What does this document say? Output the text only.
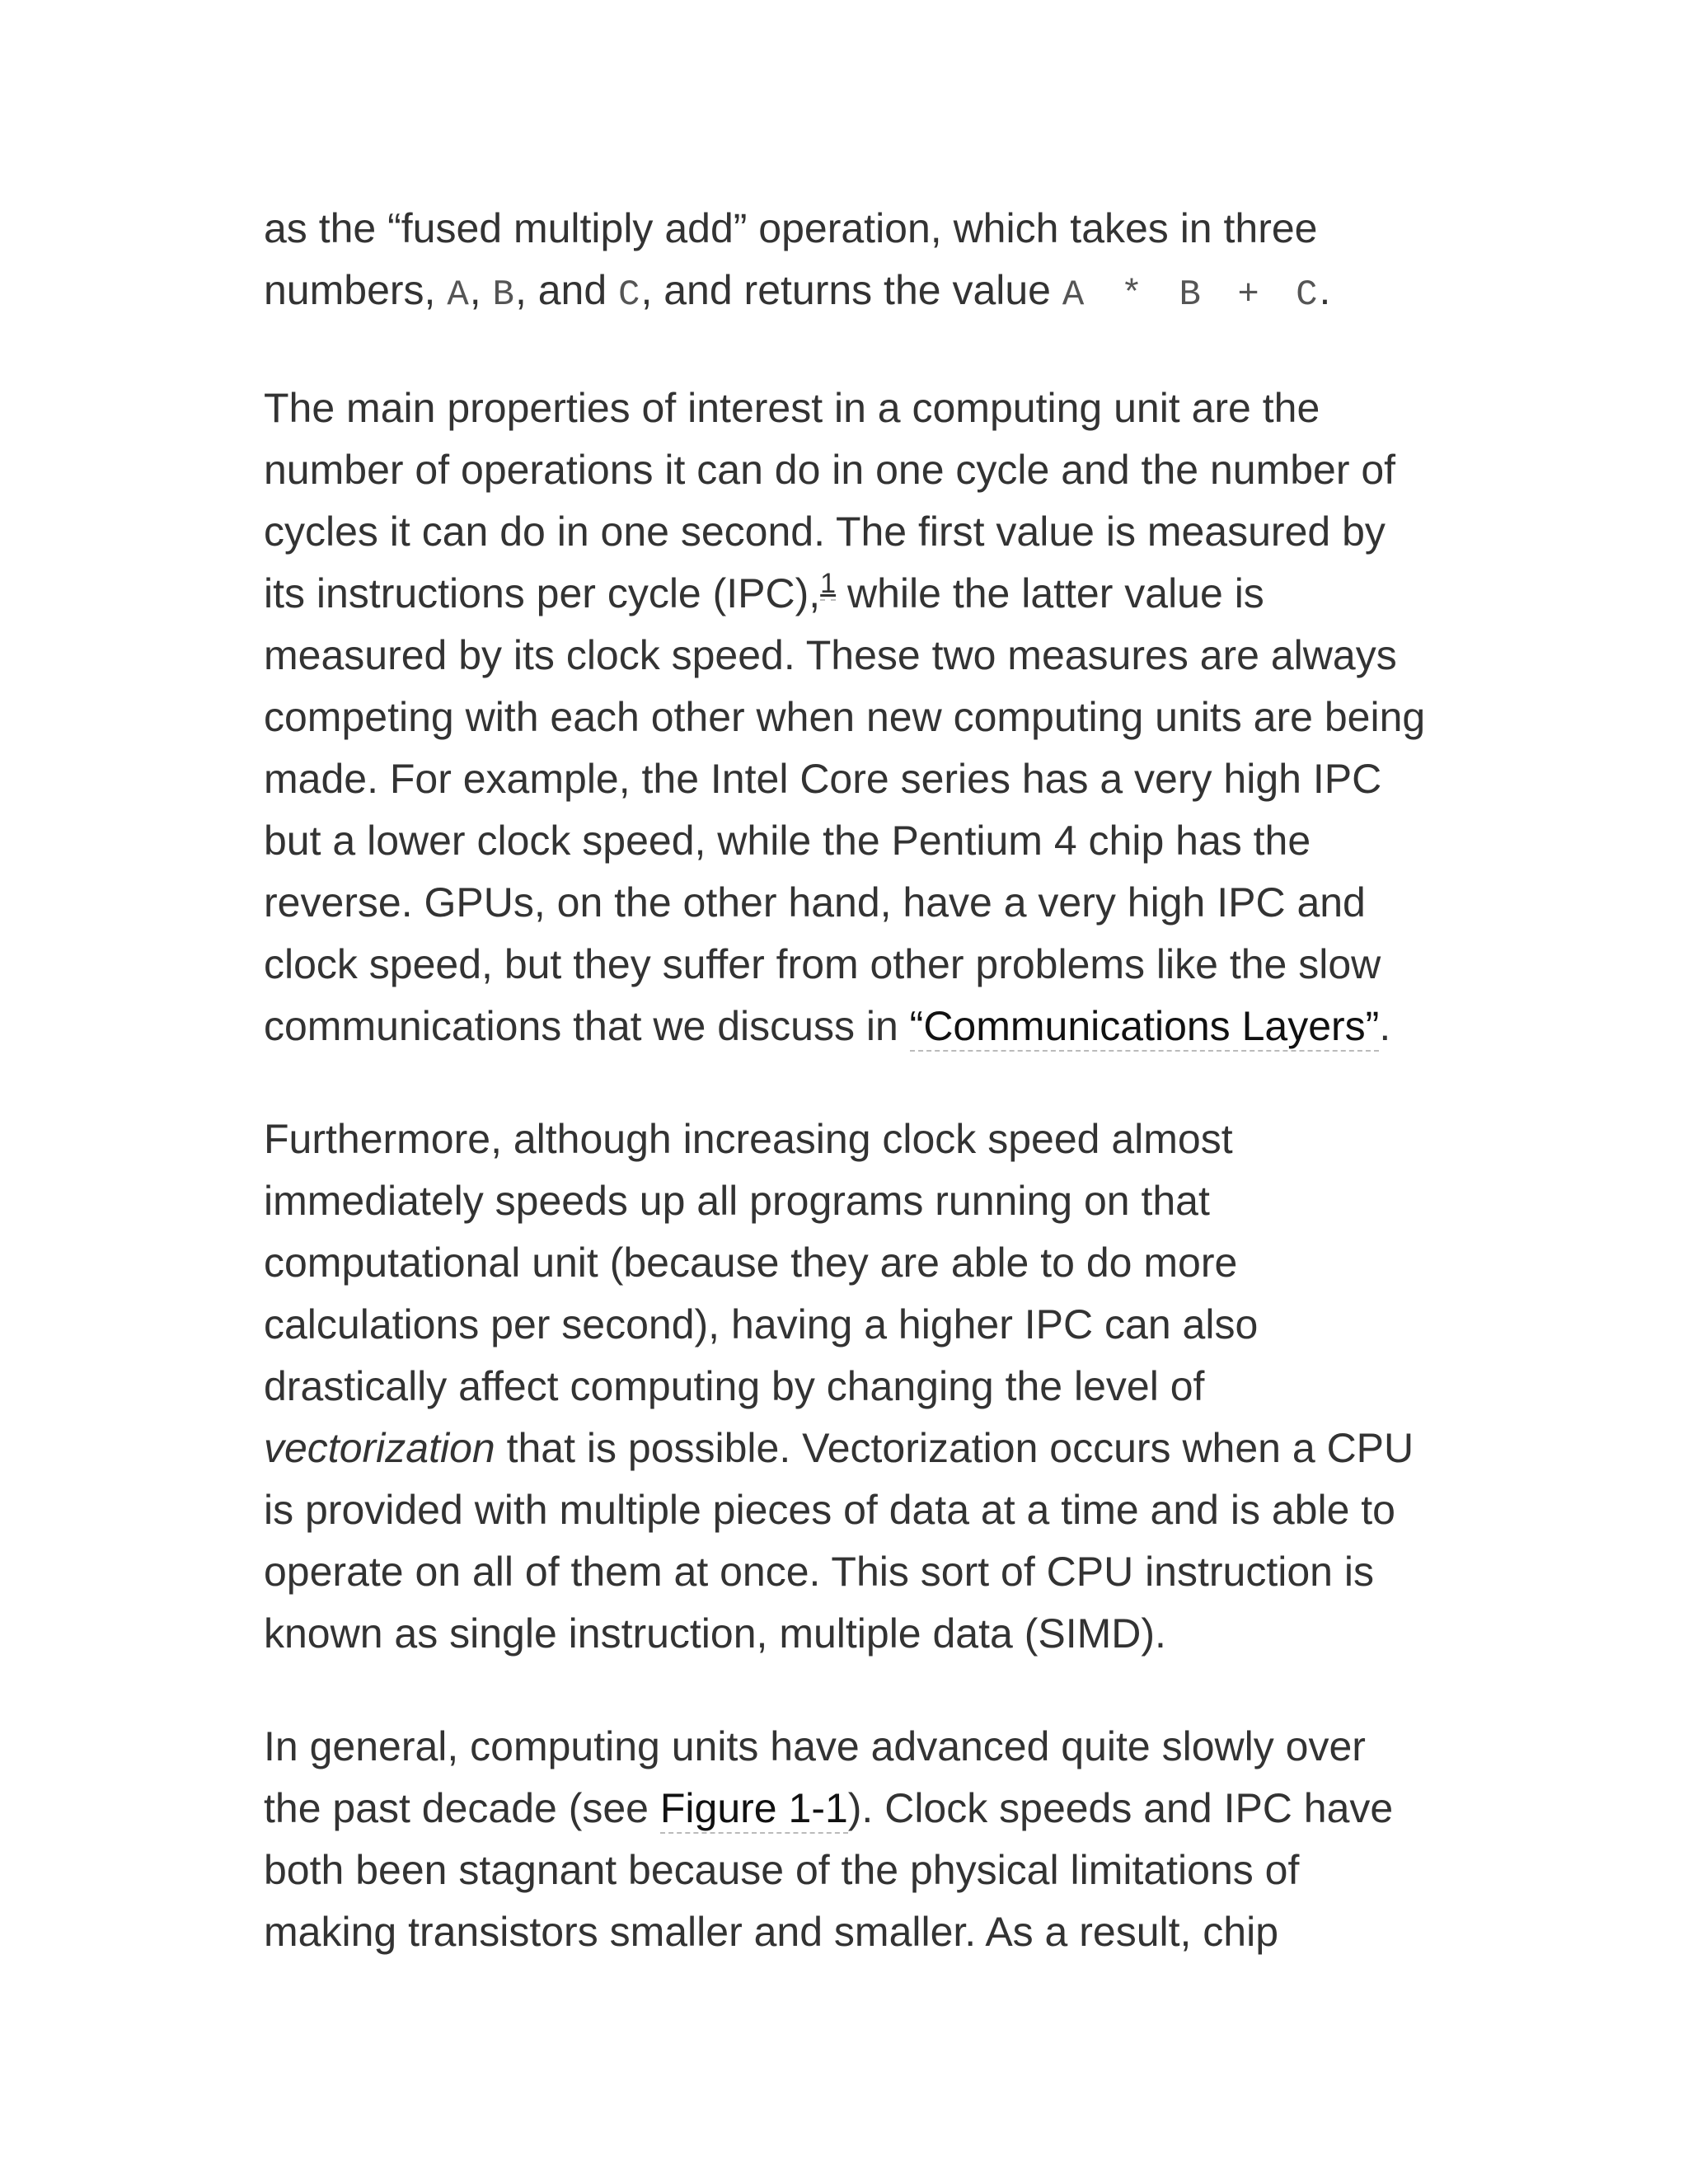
as the “fused multiply add” operation, which takes in three numbers, A, B, and C, and returns the value A * B + C.

The main properties of interest in a computing unit are the number of operations it can do in one cycle and the number of cycles it can do in one second. The first value is measured by its instructions per cycle (IPC),$^1$ while the latter value is measured by its clock speed. These two measures are always competing with each other when new computing units are being made. For example, the Intel Core series has a very high IPC but a lower clock speed, while the Pentium 4 chip has the reverse. GPUs, on the other hand, have a very high IPC and clock speed, but they suffer from other problems like the slow communications that we discuss in “Communications Layers”.

Furthermore, although increasing clock speed almost immediately speeds up all programs running on that computational unit (because they are able to do more calculations per second), having a higher IPC can also drastically affect computing by changing the level of vectorization that is possible. Vectorization occurs when a CPU is provided with multiple pieces of data at a time and is able to operate on all of them at once. This sort of CPU instruction is known as single instruction, multiple data (SIMD).

In general, computing units have advanced quite slowly over the past decade (see Figure 1-1). Clock speeds and IPC have both been stagnant because of the physical limitations of making transistors smaller and smaller. As a result, chip
